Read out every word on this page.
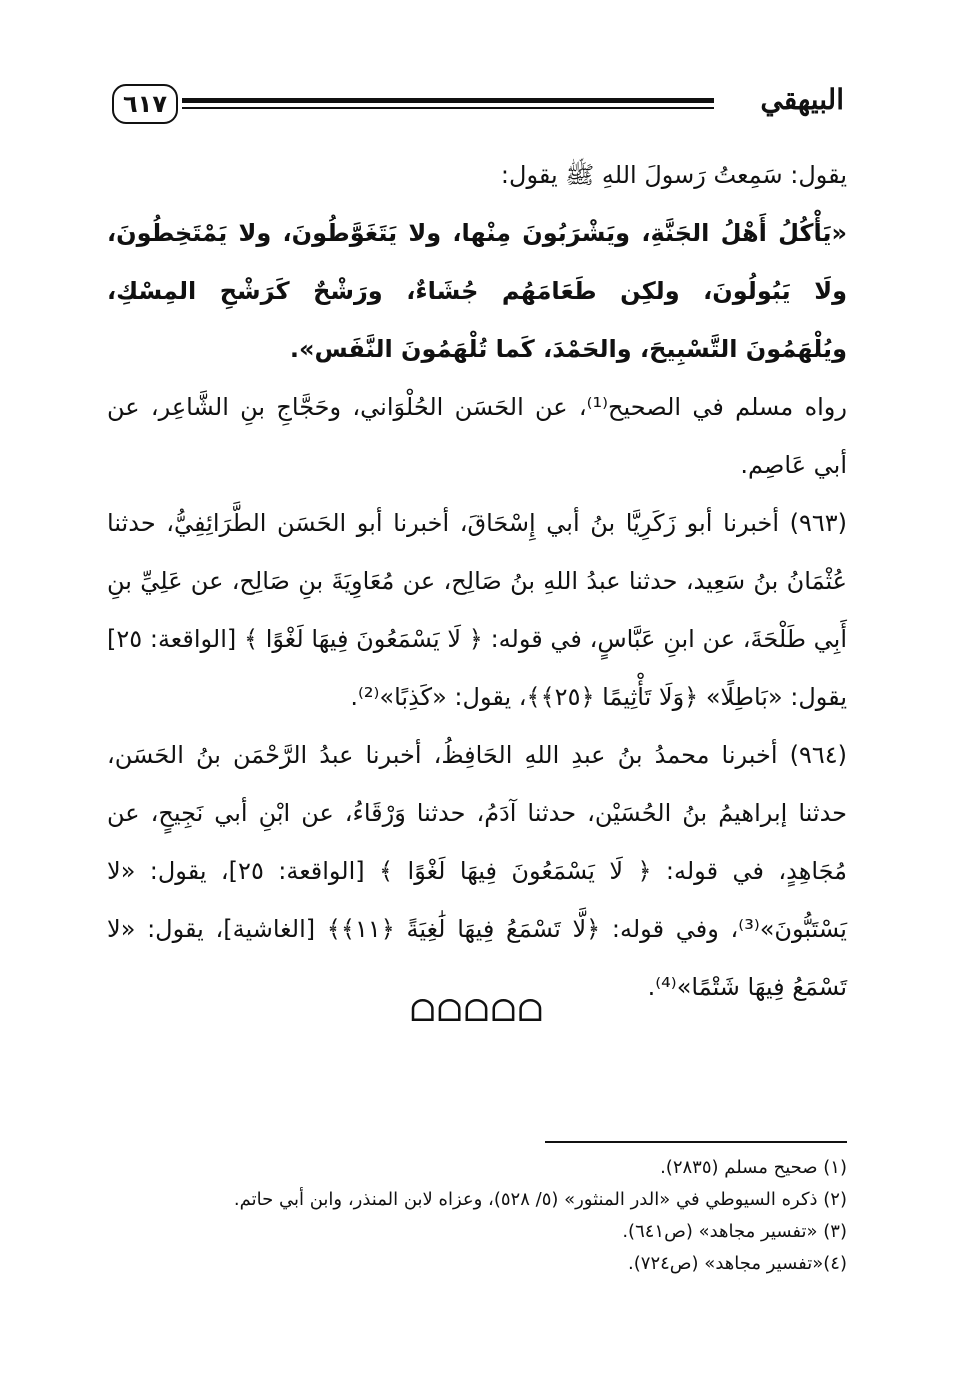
٦١٧	البيهقي

يقول: سَمِعتُ رَسولَ اللهِ ﷺ يقول:

«يَأْكُلُ أَهْلُ الجَنَّةِ، ويَشْرَبُونَ مِنْها، ولا يَتَغَوَّطُونَ، ولا يَمْتَخِطُونَ، ولَا يَبُولُونَ، ولكِن طَعَامَهُم جُشَاءٌ، ورَشْحٌ كَرَشْحِ المِسْكِ، ويُلْهَمُونَ التَّسْبِيحَ، والحَمْدَ، كَما تُلْهَمُونَ النَّفَس».

رواه مسلم في الصحيح⁽¹⁾، عن الحَسَن الحُلْوَاني، وحَجَّاجِ بنِ الشَّاعِر، عن أبي عَاصِم.

(٩٦٣) أخبرنا أبو زَكَرِيَّا بنُ أبي إِسْحَاقَ، أخبرنا أبو الحَسَن الطَّرَائِفِيُّ، حدثنا عُثْمَانُ بنُ سَعِيد، حدثنا عبدُ اللهِ بنُ صَالِح، عن مُعَاوِيَةَ بنِ صَالِح، عن عَلِيِّ بنِ أَبِي طَلْحَةَ، عن ابنِ عَبَّاسٍ، في قوله: ﴿ لَا يَسْمَعُونَ فِيهَا لَغْوًا ﴾ [الواقعة: ٢٥] يقول: «بَاطِلًا» ﴿وَلَا تَأْثِيمًا ﴿٢٥﴾﴾، يقول: «كَذِبًا»⁽²⁾.

(٩٦٤) أخبرنا محمدُ بنُ عبدِ اللهِ الحَافِظُ، أخبرنا عبدُ الرَّحْمَن بنُ الحَسَن، حدثنا إبراهيمُ بنُ الحُسَيْن، حدثنا آدَمُ، حدثنا وَرْقَاءُ، عن ابْنِ أبي نَجِيحٍ، عن مُجَاهِدٍ، في قوله: ﴿ لَا يَسْمَعُونَ فِيهَا لَغْوًا ﴾ [الواقعة: ٢٥]، يقول: «لا يَسْتَبُّونَ»⁽³⁾، وفي قوله: ﴿لَّا تَسْمَعُ فِيهَا لَٰغِيَةً ﴿١١﴾﴾ [الغاشية]، يقول: «لا تَسْمَعُ فِيهَا شَتْمًا»⁽⁴⁾.

ᗝᗝᗝᗝᗝ

(١) صحيح مسلم (٢٨٣٥).

(٢) ذكره السيوطي في «الدر المنثور» (٥/ ٥٢٨)، وعزاه لابن المنذر، وابن أبي حاتم.

(٣) «تفسير مجاهد» (ص٦٤١).

(٤)«تفسير مجاهد» (ص٧٢٤).
